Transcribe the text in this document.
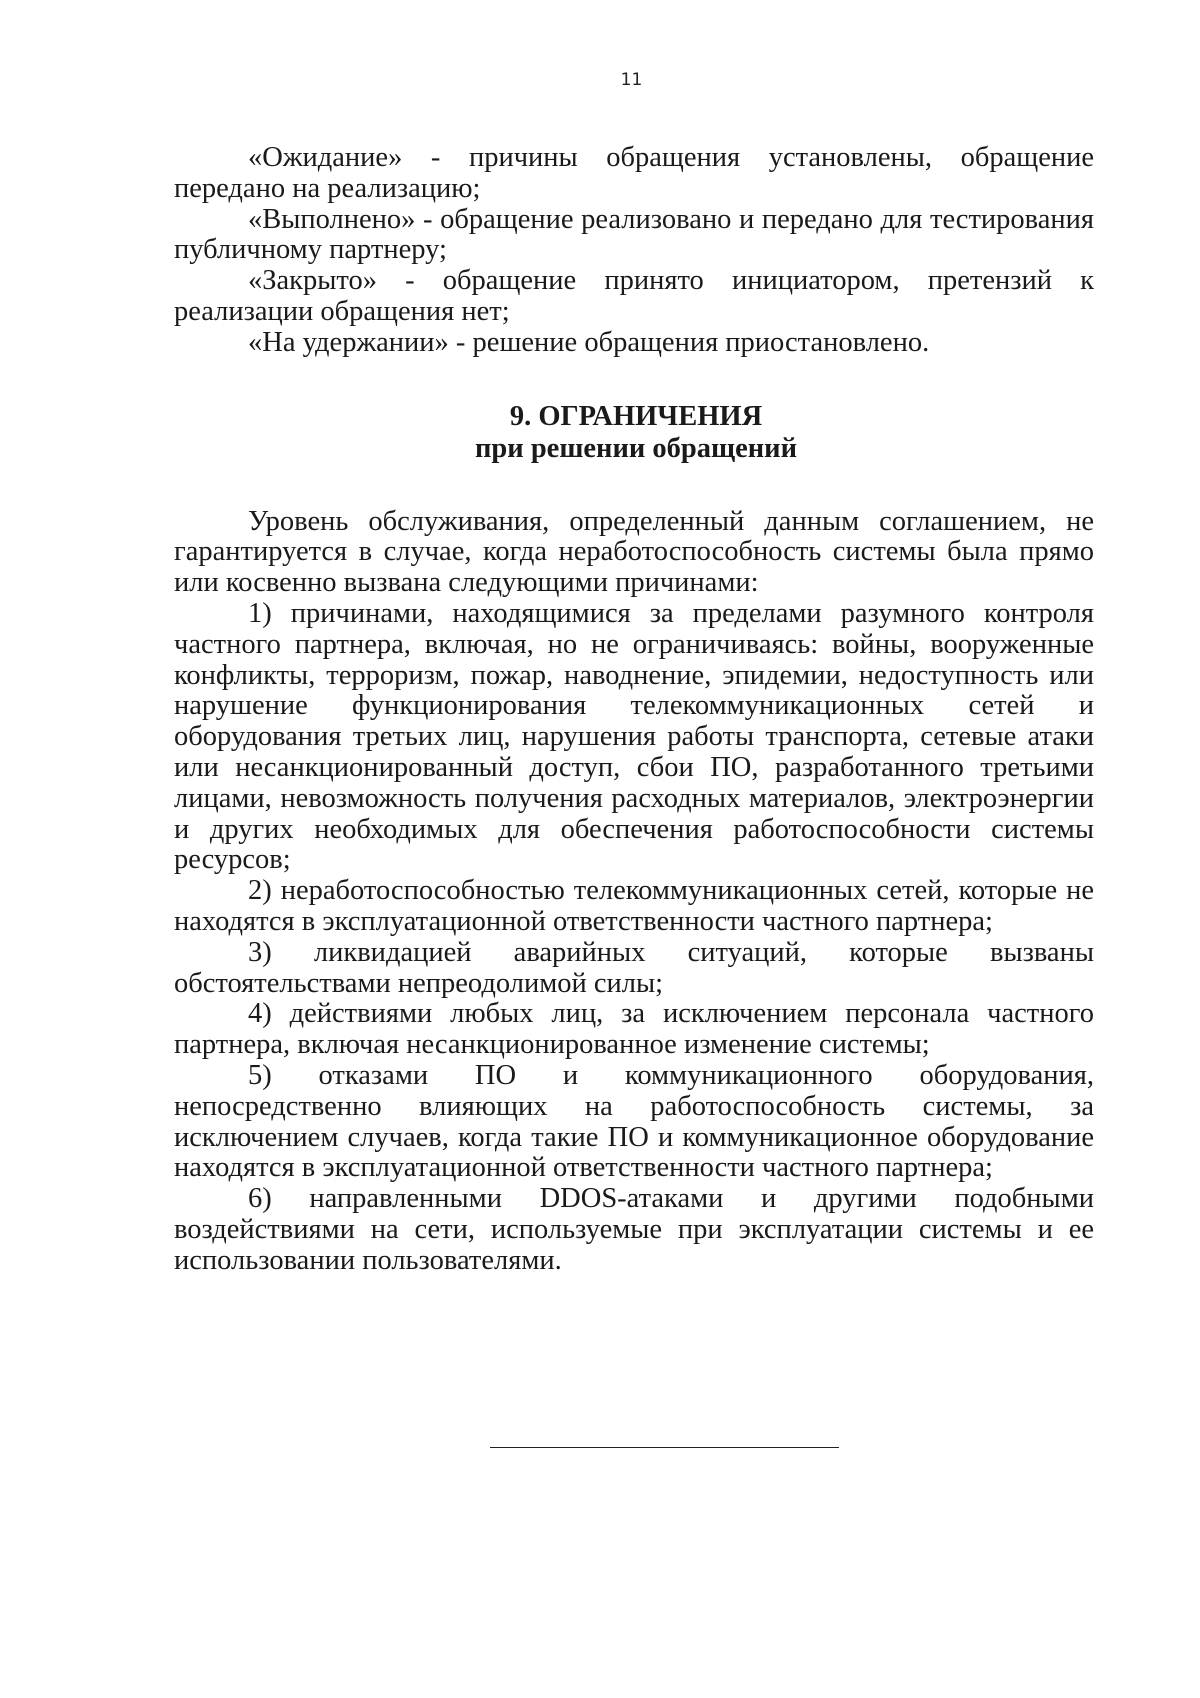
11

«Ожидание» - причины обращения установлены, обращение передано на реализацию;

«Выполнено» - обращение реализовано и передано для тестирования публичному партнеру;

«Закрыто» - обращение принято инициатором, претензий к реализации обращения нет;

«На удержании» - решение обращения приостановлено.

9. ОГРАНИЧЕНИЯ

при решении обращений

Уровень обслуживания, определенный данным соглашением, не гарантируется в случае, когда неработоспособность системы была прямо или косвенно вызвана следующими причинами:

1) причинами, находящимися за пределами разумного контроля частного партнера, включая, но не ограничиваясь: войны, вооруженные конфликты, терроризм, пожар, наводнение, эпидемии, недоступность или нарушение функционирования телекоммуникационных сетей и оборудования третьих лиц, нарушения работы транспорта, сетевые атаки или несанкционированный доступ, сбои ПО, разработанного третьими лицами, невозможность получения расходных материалов, электроэнергии и других необходимых для обеспечения работоспособности системы ресурсов;

2) неработоспособностью телекоммуникационных сетей, которые не находятся в эксплуатационной ответственности частного партнера;

3) ликвидацией аварийных ситуаций, которые вызваны обстоятельствами непреодолимой силы;

4) действиями любых лиц, за исключением персонала частного партнера, включая несанкционированное изменение системы;

5) отказами ПО и коммуникационного оборудования, непосредственно влияющих на работоспособность системы, за исключением случаев, когда такие ПО и коммуникационное оборудование находятся в эксплуатационной ответственности частного партнера;

6) направленными DDOS-атаками и другими подобными воздействиями на сети, используемые при эксплуатации системы и ее использовании пользователями.
